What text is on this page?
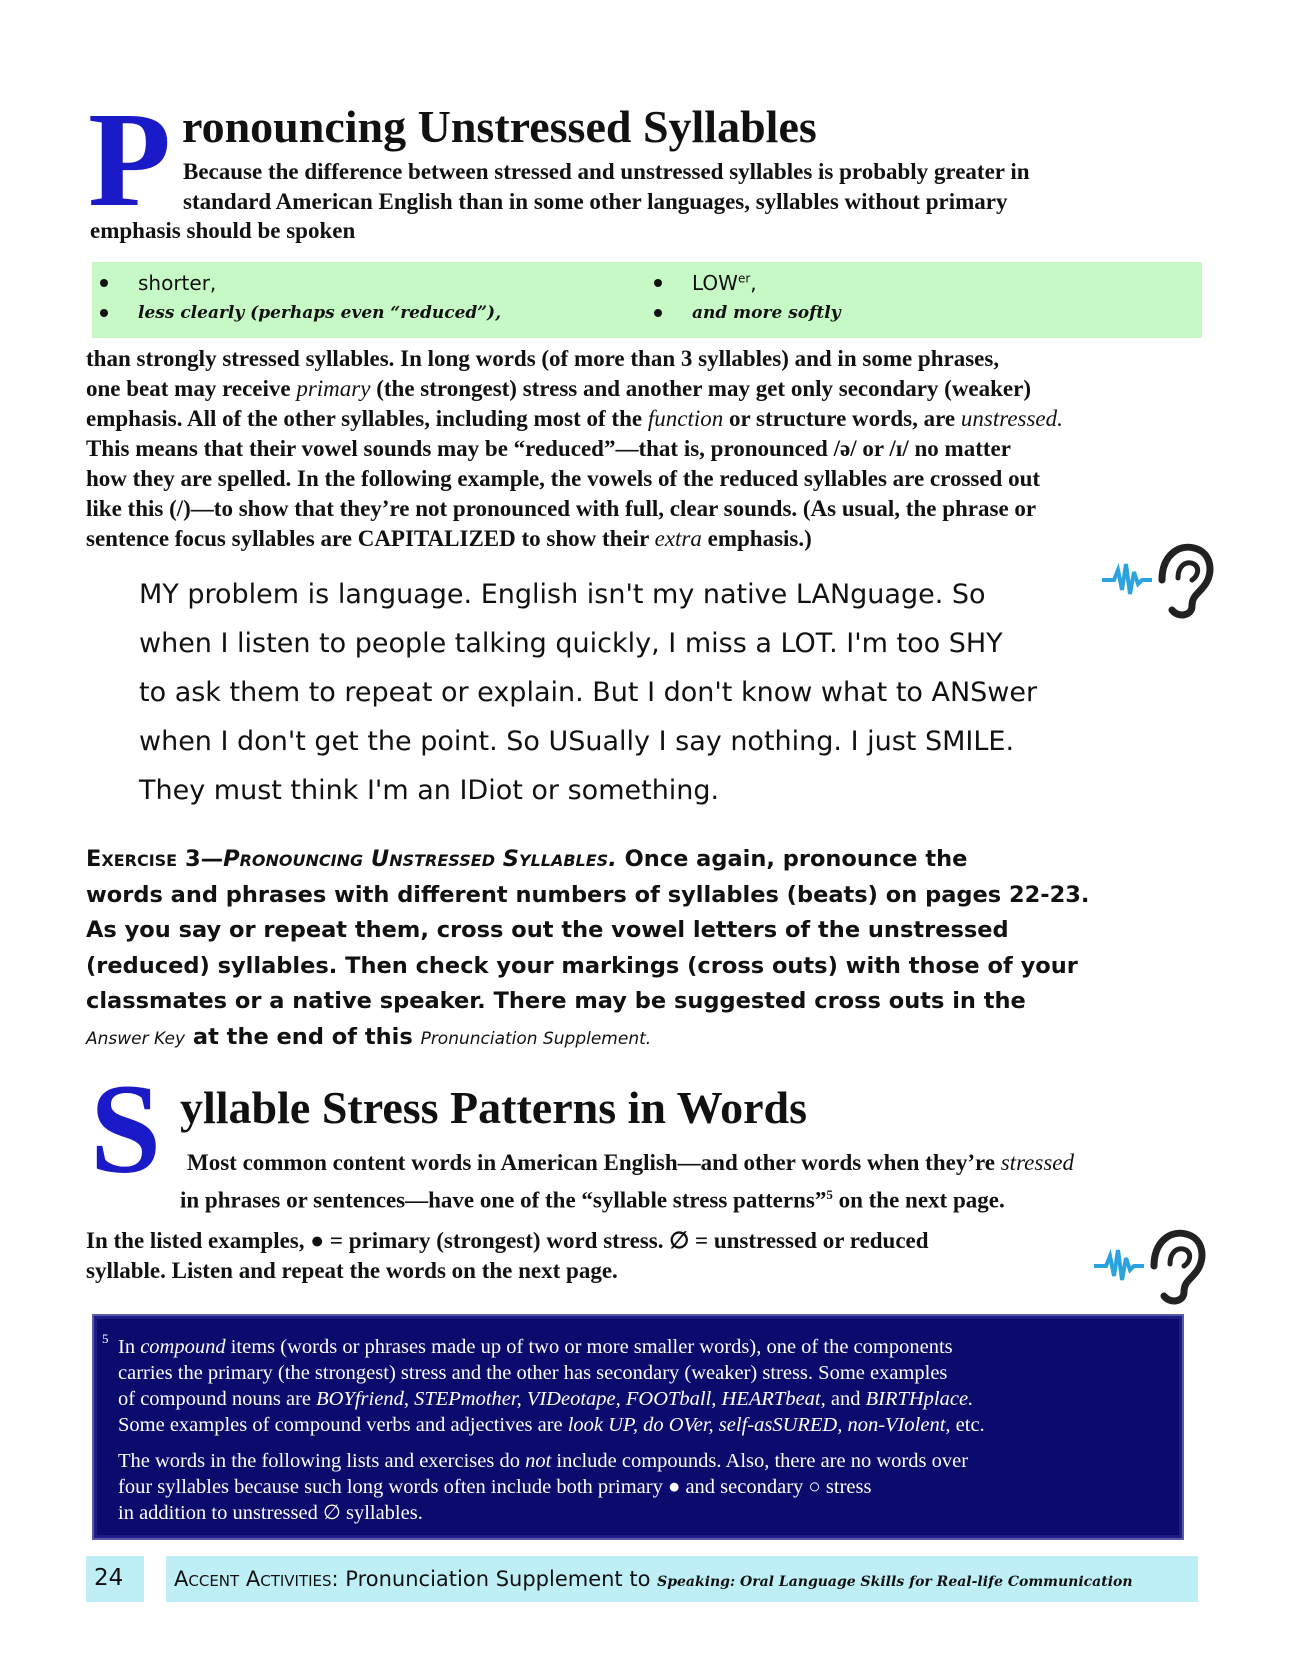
P ronouncing Unstressed Syllables
Because the difference between stressed and unstressed syllables is probably greater in
standard American English than in some other languages, syllables without primary
emphasis should be spoken
shorter,
less clearly (perhaps even “reduced”),
$LOW^{er}$,
and more softly
than strongly stressed syllables. In long words (of more than 3 syllables) and in some phrases,
one beat may receive primary (the strongest) stress and another may get only secondary (weaker)
emphasis. All of the other syllables, including most of the function or structure words, are unstressed.
This means that their vowel sounds may be “reduced”—that is, pronounced /ə/ or /ɪ/ no matter
how they are spelled. In the following example, the vowels of the reduced syllables are crossed out
like this (/)—to show that they’re not pronounced with full, clear sounds. (As usual, the phrase or
sentence focus syllables are CAPITALIZED to show their extra emphasis.)
MY problem is language. English isn't my native LANguage. So
when I listen to people talking quickly, I miss a LOT. I'm too SHY
to ask them to repeat or explain. But I don't know what to ANSwer
when I don't get the point. So USually I say nothing. I just SMILE.
They must think I'm an IDiot or something.
Exercise 3—Pronouncing Unstressed Syllables. Once again, pronounce the
words and phrases with different numbers of syllables (beats) on pages 22-23.
As you say or repeat them, cross out the vowel letters of the unstressed
(reduced) syllables. Then check your markings (cross outs) with those of your
classmates or a native speaker. There may be suggested cross outs in the
Answer Key at the end of this Pronunciation Supplement.
S yllable Stress Patterns in Words
Most common content words in American English—and other words when they’re stressed
in phrases or sentences—have one of the “syllable stress patterns”$^5$ on the next page.
In the listed examples, ● = primary (strongest) word stress. ∅ = unstressed or reduced
syllable. Listen and repeat the words on the next page.
5 In compound items (words or phrases made up of two or more smaller words), one of the components
carries the primary (the strongest) stress and the other has secondary (weaker) stress. Some examples
of compound nouns are BOYfriend, STEPmother, VIDeotape, FOOTball, HEARTbeat, and BIRTHplace.
Some examples of compound verbs and adjectives are look UP, do OVer, self-asSURED, non-VIolent, etc.
The words in the following lists and exercises do not include compounds. Also, there are no words over
four syllables because such long words often include both primary ● and secondary ○ stress
in addition to unstressed ∅ syllables.
24 Accent Activities: Pronunciation Supplement to Speaking: Oral Language Skills for Real-life Communication
